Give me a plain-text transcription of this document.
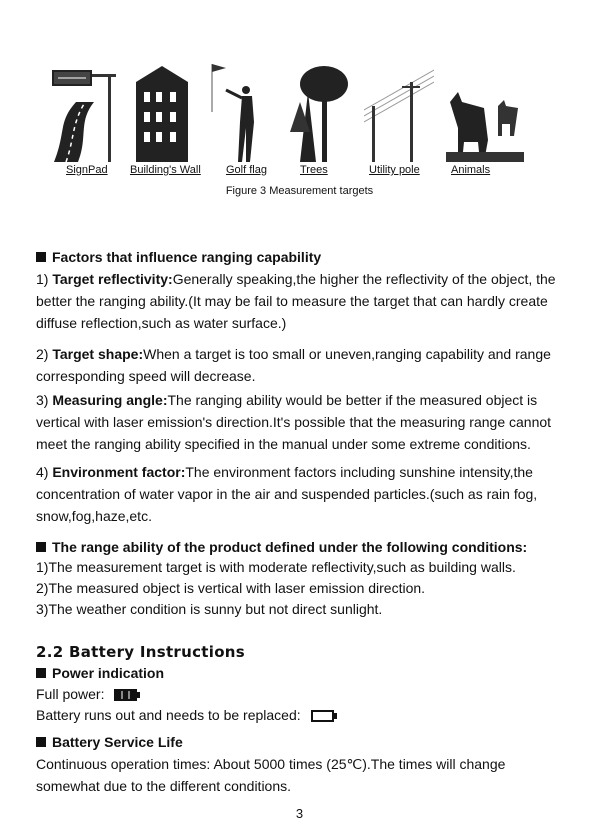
SignPad Building's Wall Golf flag	Trees	Utility pole	Animals
Figure 3 Measurement targets
Factors that influence ranging capability
1) Target reflectivity:Generally speaking,the higher the reflectivity of the object, the better the ranging ability.(It may be fail to measure the target that can hardly create diffuse reflection,such as water surface.)
2) Target shape:When a target is too small or uneven,ranging capability and range corresponding speed will decrease.
3) Measuring angle:The ranging ability would be better if the measured object is vertical with laser emission's direction.It's possible that the measuring range cannot meet the ranging ability specified in the manual under some extreme conditions.
4) Environment factor:The environment factors including sunshine intensity,the concentration of water vapor in the air and suspended particles.(such as rain fog, snow,fog,haze,etc.
The range ability of the product defined under the following conditions:
1)The measurement target is with moderate reflectivity,such as building walls.
2)The measured object is vertical with laser emission direction.
3)The weather condition is sunny but not direct sunlight.
2.2 Battery Instructions
Power indication
Full power:
Battery runs out and needs to be replaced:
Battery Service Life
Continuous operation times: About 5000 times (25℃).The times will change somewhat due to the different conditions.
3
